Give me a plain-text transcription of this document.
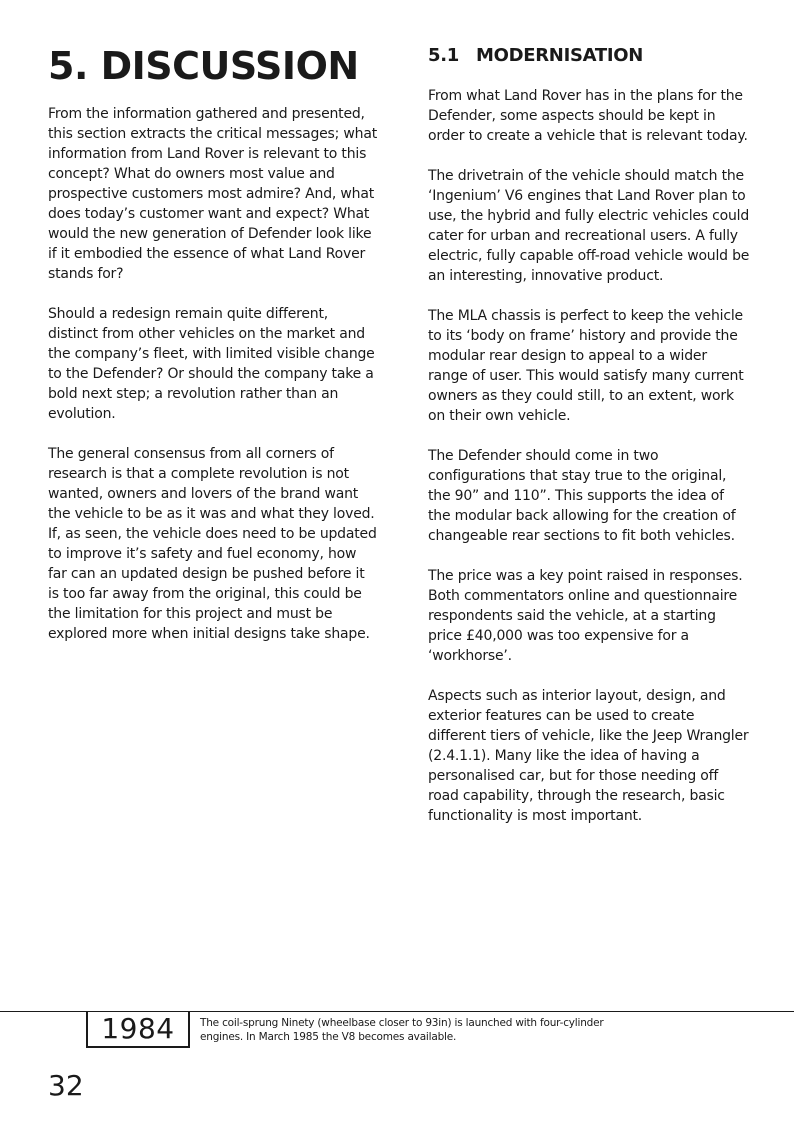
5. DISCUSSION

From the information gathered and presented, this section extracts the critical messages; what information from Land Rover is relevant to this concept? What do owners most value and prospective customers most admire? And, what does today’s customer want and expect? What would the new generation of Defender look like if it embodied the essence of what Land Rover stands for?

Should a redesign remain quite different, distinct from other vehicles on the market and the company’s fleet, with limited visible change to the Defender? Or should the company take a bold next step; a revolution rather than an evolution.

The general consensus from all corners of research is that a complete revolution is not wanted, owners and lovers of the brand want the vehicle to be as it was and what they loved. If, as seen, the vehicle does need to be updated to improve it’s safety and fuel economy, how far can an updated design be pushed before it is too far away from the original, this could be the limitation for this project and must be explored more when initial designs take shape.

5.1 MODERNISATION

From what Land Rover has in the plans for the Defender, some aspects should be kept in order to create a vehicle that is relevant today.

The drivetrain of the vehicle should match the ‘Ingenium’ V6 engines that Land Rover plan to use, the hybrid and fully electric vehicles could cater for urban and recreational users. A fully electric, fully capable off-road vehicle would be an interesting, innovative product.

The MLA chassis is perfect to keep the vehicle to its ‘body on frame’ history and provide the modular rear design to appeal to a wider range of user. This would satisfy many current owners as they could still, to an extent, work on their own vehicle.

The Defender should come in two configurations that stay true to the original, the 90” and 110”. This supports the idea of the modular back allowing for the creation of changeable rear sections to fit both vehicles.

The price was a key point raised in responses. Both commentators online and questionnaire respondents said the vehicle, at a starting price £40,000 was too expensive for a ‘workhorse’.

Aspects such as interior layout, design, and exterior features can be used to create different tiers of vehicle, like the Jeep Wrangler (2.4.1.1). Many like the idea of having a personalised car, but for those needing off road capability, through the research, basic functionality is most important.

1984 The coil-sprung Ninety (wheelbase closer to 93in) is launched with four-cylinder engines. In March 1985 the V8 becomes available.
32
